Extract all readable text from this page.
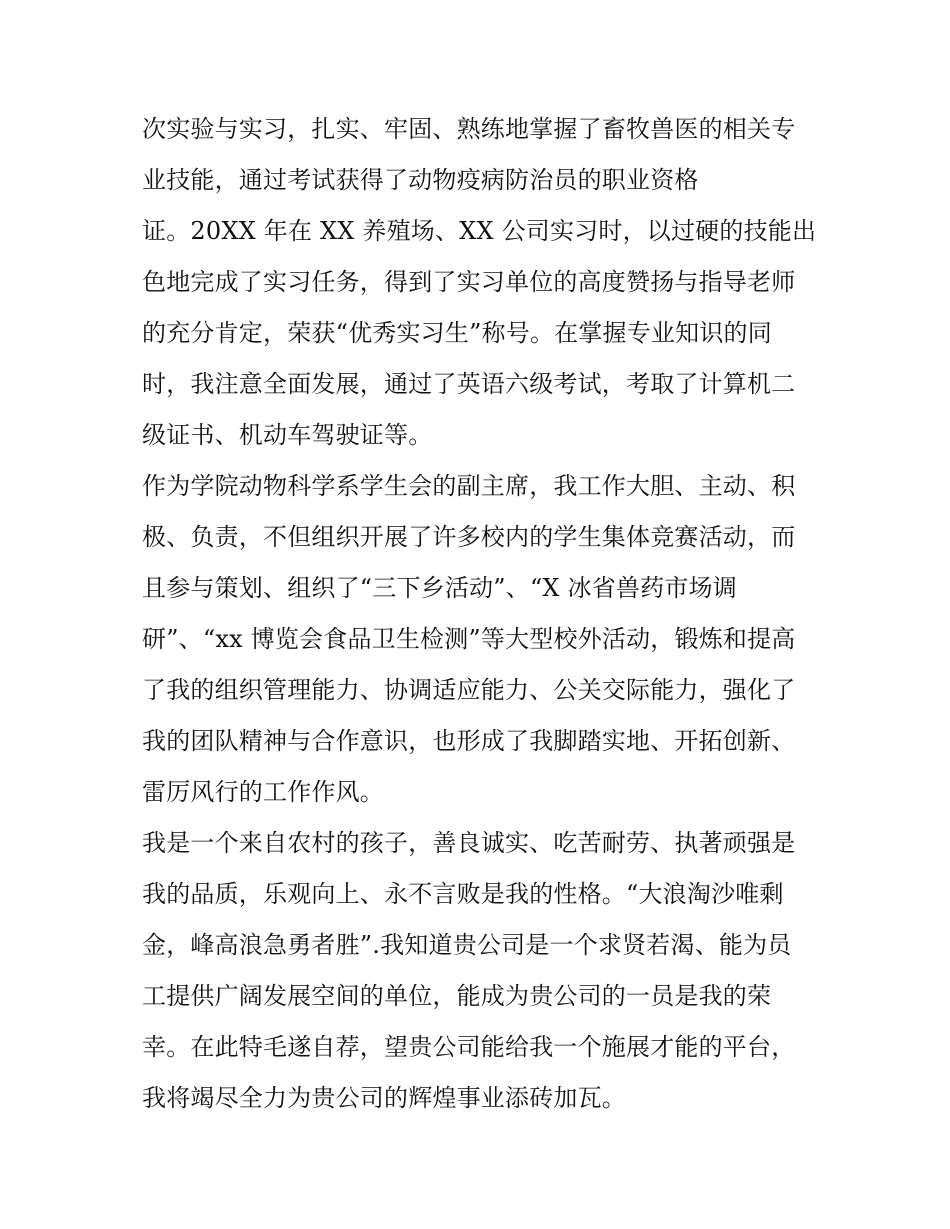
次实验与实习，扎实、牢固、熟练地掌握了畜牧兽医的相关专
业技能，通过考试获得了动物疫病防治员的职业资格
证。20XX 年在 XX 养殖场、XX 公司实习时，以过硬的技能出
色地完成了实习任务，得到了实习单位的高度赞扬与指导老师
的充分肯定，荣获“优秀实习生”称号。在掌握专业知识的同
时，我注意全面发展，通过了英语六级考试，考取了计算机二
级证书、机动车驾驶证等。
作为学院动物科学系学生会的副主席，我工作大胆、主动、积
极、负责，不但组织开展了许多校内的学生集体竞赛活动，而
且参与策划、组织了“三下乡活动”、“X 冰省兽药市场调
研”、“xx 博览会食品卫生检测”等大型校外活动，锻炼和提高
了我的组织管理能力、协调适应能力、公关交际能力，强化了
我的团队精神与合作意识，也形成了我脚踏实地、开拓创新、
雷厉风行的工作作风。
我是一个来自农村的孩子，善良诚实、吃苦耐劳、执著顽强是
我的品质，乐观向上、永不言败是我的性格。“大浪淘沙唯剩
金，峰高浪急勇者胜”.我知道贵公司是一个求贤若渴、能为员
工提供广阔发展空间的单位，能成为贵公司的一员是我的荣
幸。在此特毛遂自荐，望贵公司能给我一个施展才能的平台，
我将竭尽全力为贵公司的辉煌事业添砖加瓦。
